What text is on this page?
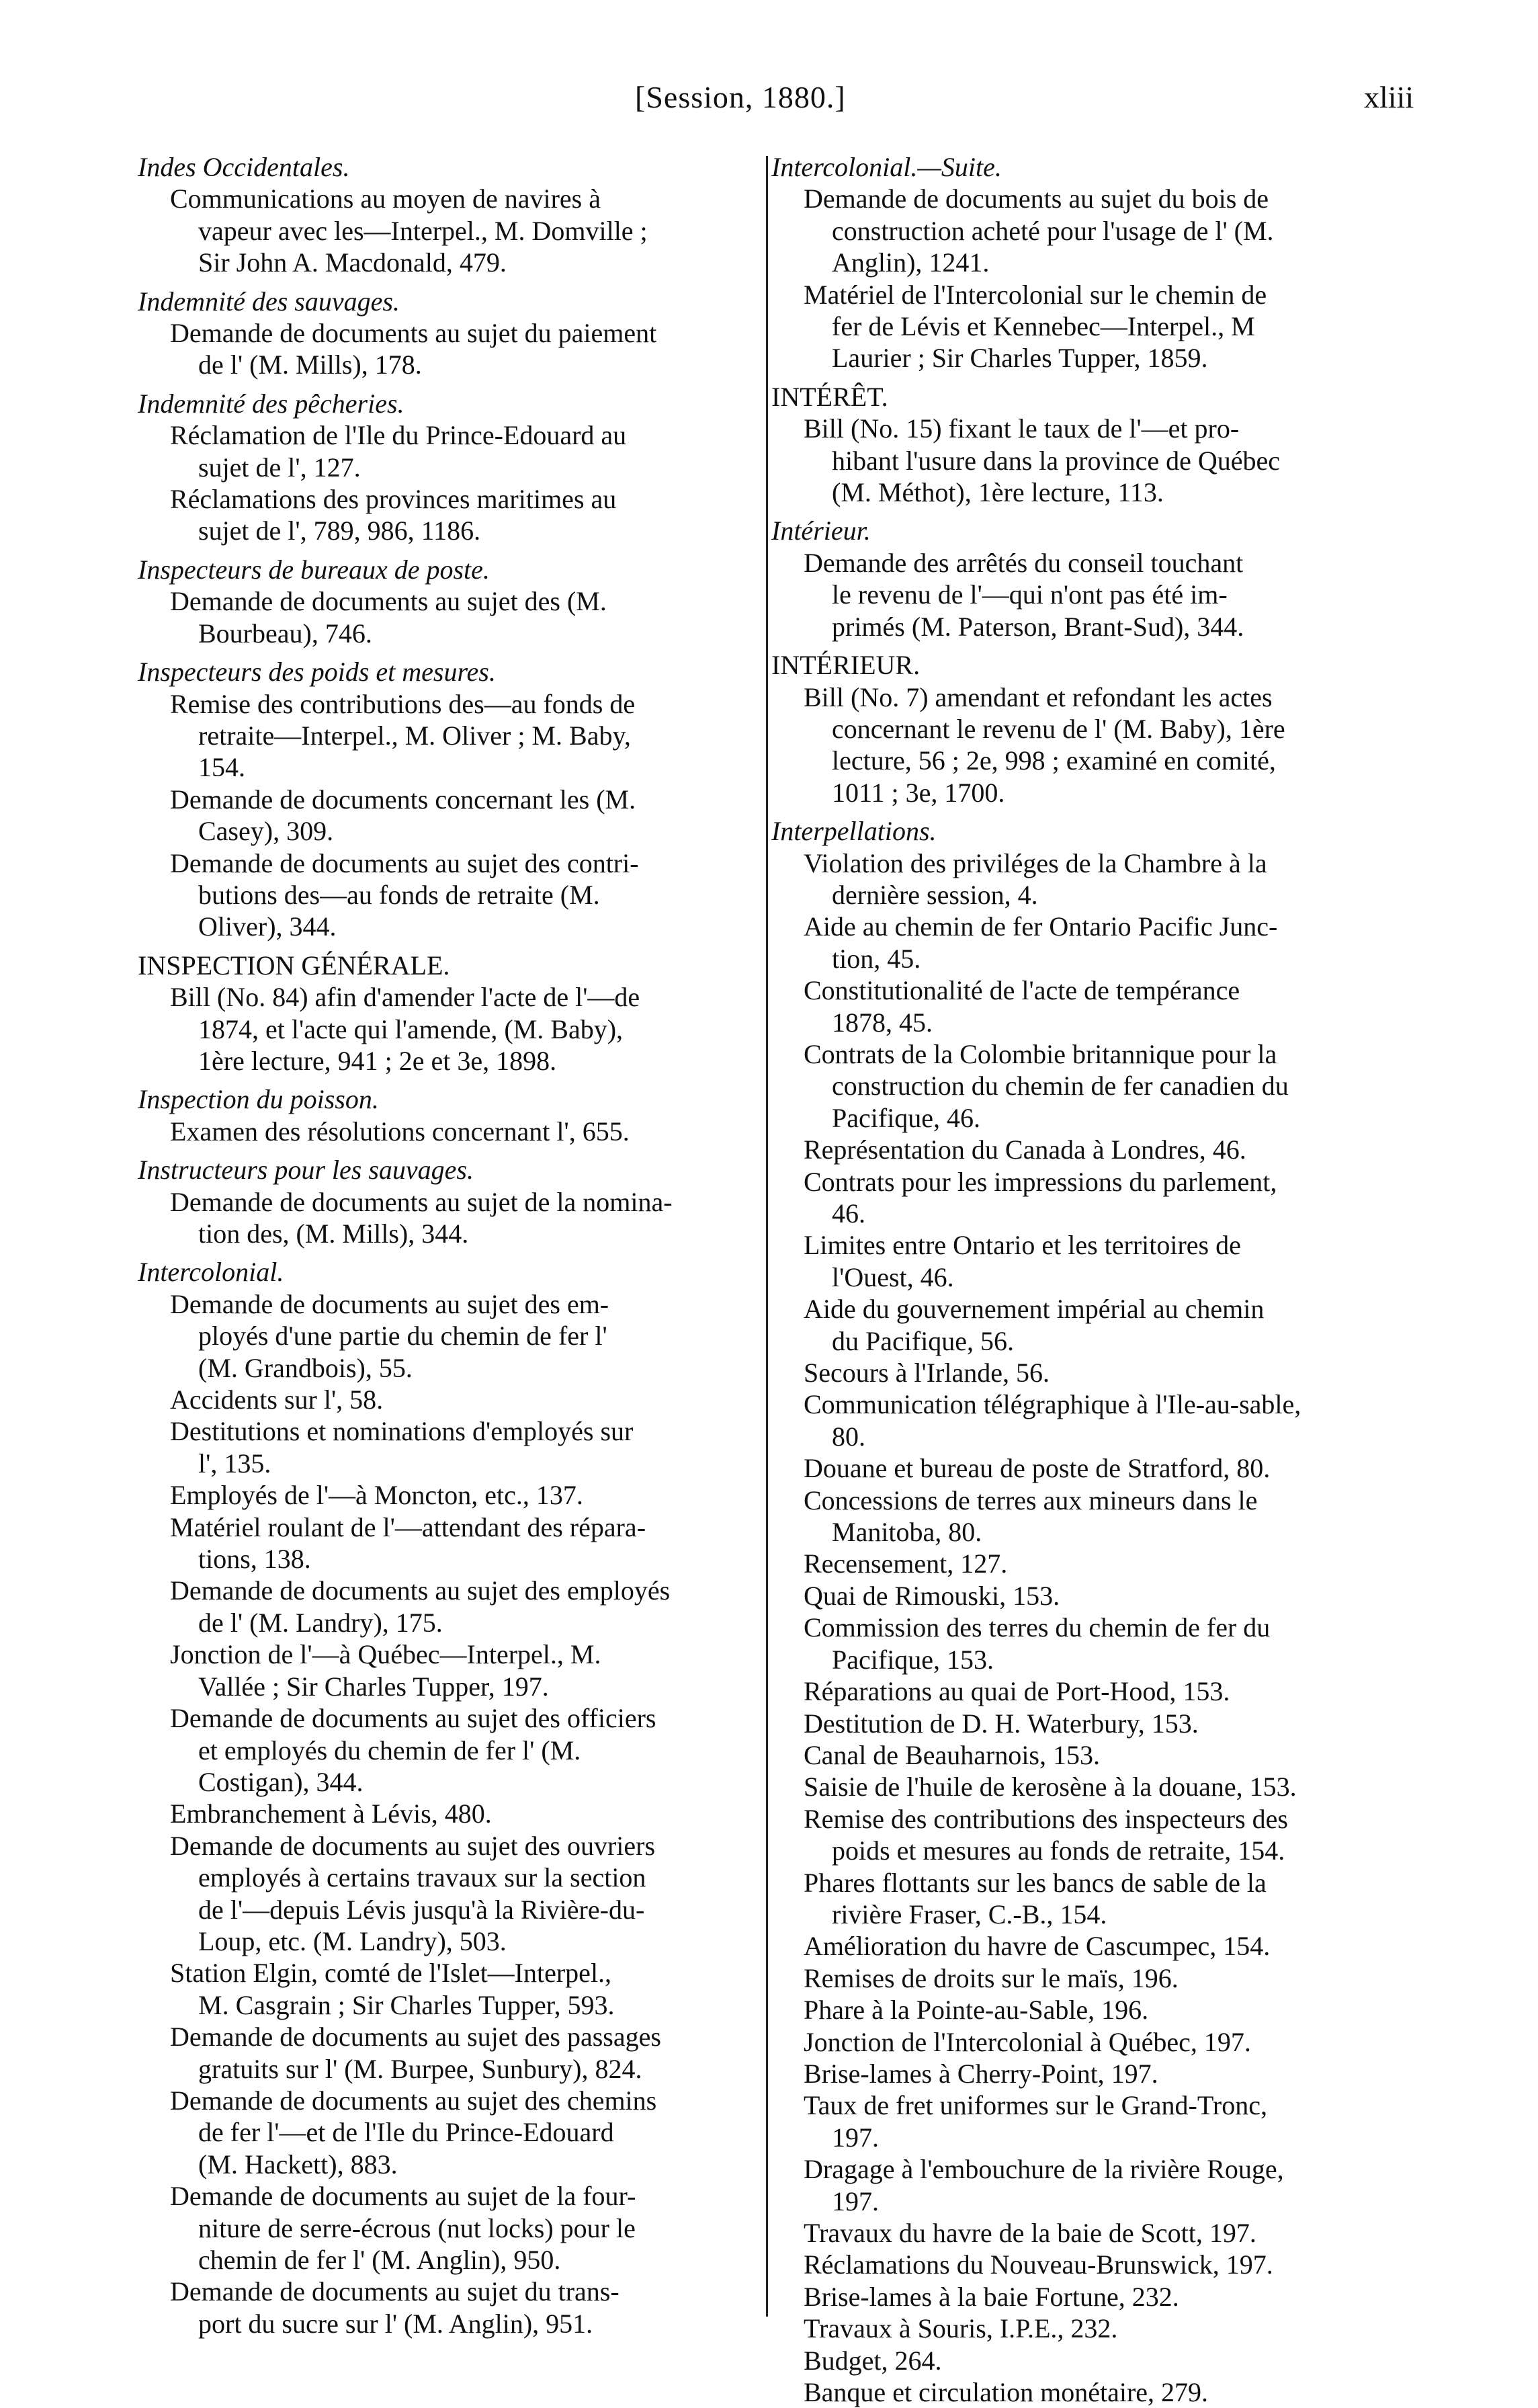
[Session, 1880.]	xliii

Indes Occidentales.

Communications au moyen de navires à

vapeur avec les—Interpel., M. Domville ;

Sir John A. Macdonald, 479.

Indemnité des sauvages.

Demande de documents au sujet du paiement

de l' (M. Mills), 178.

Indemnité des pêcheries.

Réclamation de l'Ile du Prince-Edouard au

sujet de l', 127.

Réclamations des provinces maritimes au

sujet de l', 789, 986, 1186.

Inspecteurs de bureaux de poste.

Demande de documents au sujet des (M.

Bourbeau), 746.

Inspecteurs des poids et mesures.

Remise des contributions des—au fonds de

retraite—Interpel., M. Oliver ; M. Baby,

154.

Demande de documents concernant les (M.

Casey), 309.

Demande de documents au sujet des contri-

butions des—au fonds de retraite (M.

Oliver), 344.

INSPECTION GÉNÉRALE.

Bill (No. 84) afin d'amender l'acte de l'—de

1874, et l'acte qui l'amende, (M. Baby),

1ère lecture, 941 ; 2e et 3e, 1898.

Inspection du poisson.

Examen des résolutions concernant l', 655.

Instructeurs pour les sauvages.

Demande de documents au sujet de la nomina-

tion des, (M. Mills), 344.

Intercolonial.

Demande de documents au sujet des em-

ployés d'une partie du chemin de fer l'

(M. Grandbois), 55.

Accidents sur l', 58.

Destitutions et nominations d'employés sur

l', 135.

Employés de l'—à Moncton, etc., 137.

Matériel roulant de l'—attendant des répara-

tions, 138.

Demande de documents au sujet des employés

de l' (M. Landry), 175.

Jonction de l'—à Québec—Interpel., M.

Vallée ; Sir Charles Tupper, 197.

Demande de documents au sujet des officiers

et employés du chemin de fer l' (M.

Costigan), 344.

Embranchement à Lévis, 480.

Demande de documents au sujet des ouvriers

employés à certains travaux sur la section

de l'—depuis Lévis jusqu'à la Rivière-du-

Loup, etc. (M. Landry), 503.

Station Elgin, comté de l'Islet—Interpel.,

M. Casgrain ; Sir Charles Tupper, 593.

Demande de documents au sujet des passages

gratuits sur l' (M. Burpee, Sunbury), 824.

Demande de documents au sujet des chemins

de fer l'—et de l'Ile du Prince-Edouard

(M. Hackett), 883.

Demande de documents au sujet de la four-

niture de serre-écrous (nut locks) pour le

chemin de fer l' (M. Anglin), 950.

Demande de documents au sujet du trans-

port du sucre sur l' (M. Anglin), 951.

Intercolonial.—Suite.

Demande de documents au sujet du bois de

construction acheté pour l'usage de l' (M.

Anglin), 1241.

Matériel de l'Intercolonial sur le chemin de

fer de Lévis et Kennebec—Interpel., M

Laurier ; Sir Charles Tupper, 1859.

INTÉRÊT.

Bill (No. 15) fixant le taux de l'—et pro-

hibant l'usure dans la province de Québec

(M. Méthot), 1ère lecture, 113.

Intérieur.

Demande des arrêtés du conseil touchant

le revenu de l'—qui n'ont pas été im-

primés (M. Paterson, Brant-Sud), 344.

INTÉRIEUR.

Bill (No. 7) amendant et refondant les actes

concernant le revenu de l' (M. Baby), 1ère

lecture, 56 ; 2e, 998 ; examiné en comité,

1011 ; 3e, 1700.

Interpellations.

Violation des priviléges de la Chambre à la

dernière session, 4.

Aide au chemin de fer Ontario Pacific Junc-

tion, 45.

Constitutionalité de l'acte de tempérance

1878, 45.

Contrats de la Colombie britannique pour la

construction du chemin de fer canadien du

Pacifique, 46.

Représentation du Canada à Londres, 46.

Contrats pour les impressions du parlement,

46.

Limites entre Ontario et les territoires de

l'Ouest, 46.

Aide du gouvernement impérial au chemin

du Pacifique, 56.

Secours à l'Irlande, 56.

Communication télégraphique à l'Ile-au-sable,

80.

Douane et bureau de poste de Stratford, 80.

Concessions de terres aux mineurs dans le

Manitoba, 80.

Recensement, 127.

Quai de Rimouski, 153.

Commission des terres du chemin de fer du

Pacifique, 153.

Réparations au quai de Port-Hood, 153.

Destitution de D. H. Waterbury, 153.

Canal de Beauharnois, 153.

Saisie de l'huile de kerosène à la douane, 153.

Remise des contributions des inspecteurs des

poids et mesures au fonds de retraite, 154.

Phares flottants sur les bancs de sable de la

rivière Fraser, C.-B., 154.

Amélioration du havre de Cascumpec, 154.

Remises de droits sur le maïs, 196.

Phare à la Pointe-au-Sable, 196.

Jonction de l'Intercolonial à Québec, 197.

Brise-lames à Cherry-Point, 197.

Taux de fret uniformes sur le Grand-Tronc,

197.

Dragage à l'embouchure de la rivière Rouge,

197.

Travaux du havre de la baie de Scott, 197.

Réclamations du Nouveau-Brunswick, 197.

Brise-lames à la baie Fortune, 232.

Travaux à Souris, I.P.E., 232.

Budget, 264.

Banque et circulation monétaire, 279.
